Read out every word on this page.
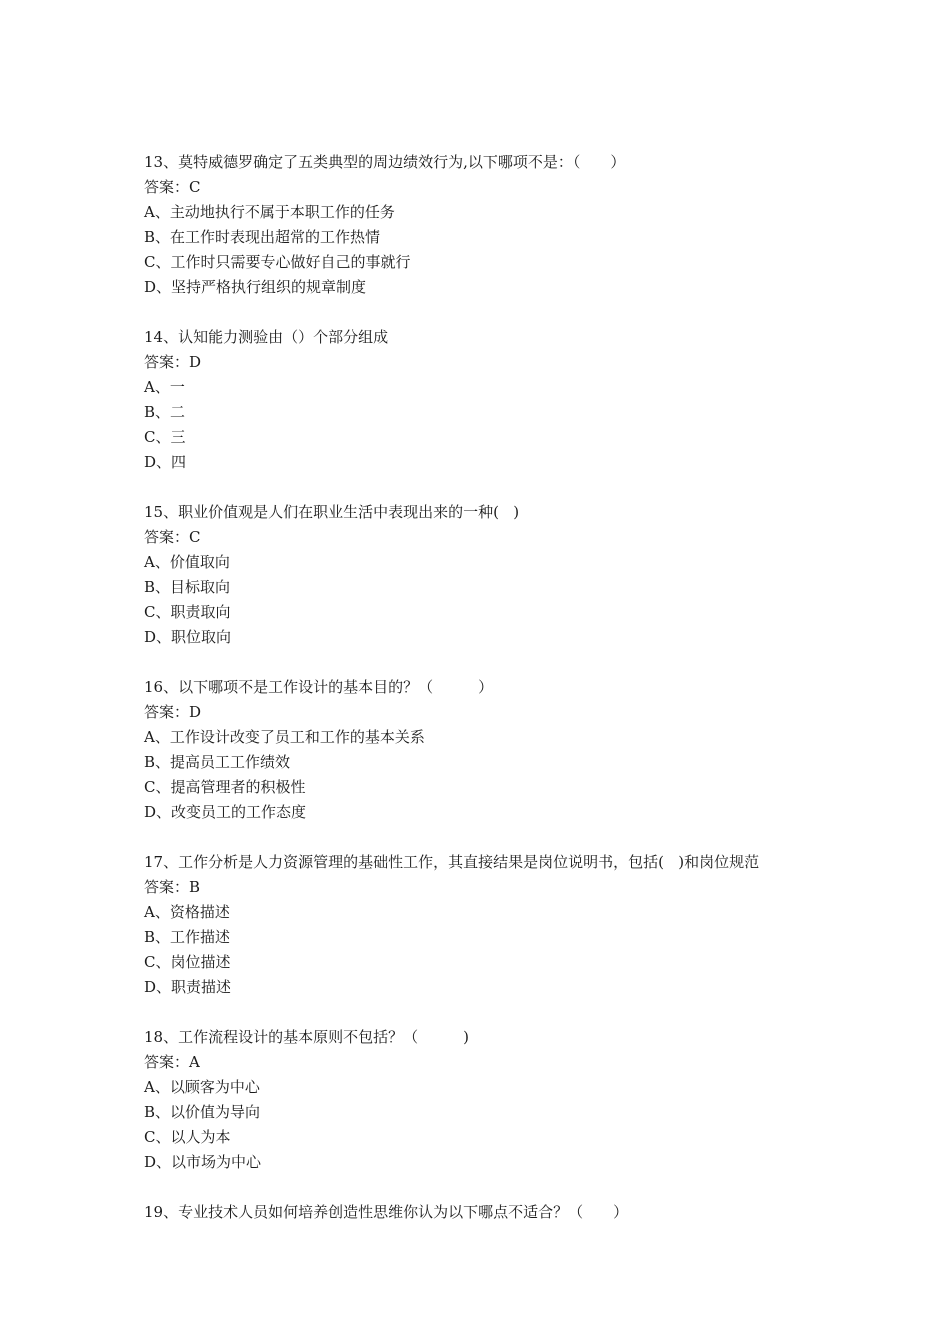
13、莫特威德罗确定了五类典型的周边绩效行为,以下哪项不是：（　　）
答案：C
A、主动地执行不属于本职工作的任务
B、在工作时表现出超常的工作热情
C、工作时只需要专心做好自己的事就行
D、坚持严格执行组织的规章制度
14、认知能力测验由（）个部分组成
答案：D
A、一
B、二
C、三
D、四
15、职业价值观是人们在职业生活中表现出来的一种(   )
答案：C
A、价值取向
B、目标取向
C、职责取向
D、职位取向
16、以下哪项不是工作设计的基本目的？（　　　）
答案：D
A、工作设计改变了员工和工作的基本关系
B、提高员工工作绩效
C、提高管理者的积极性
D、改变员工的工作态度
17、工作分析是人力资源管理的基础性工作，其直接结果是岗位说明书，包括(   )和岗位规范
答案：B
A、资格描述
B、工作描述
C、岗位描述
D、职责描述
18、工作流程设计的基本原则不包括？（　　　)
答案：A
A、以顾客为中心
B、以价值为导向
C、以人为本
D、以市场为中心
19、专业技术人员如何培养创造性思维你认为以下哪点不适合？（　　）
